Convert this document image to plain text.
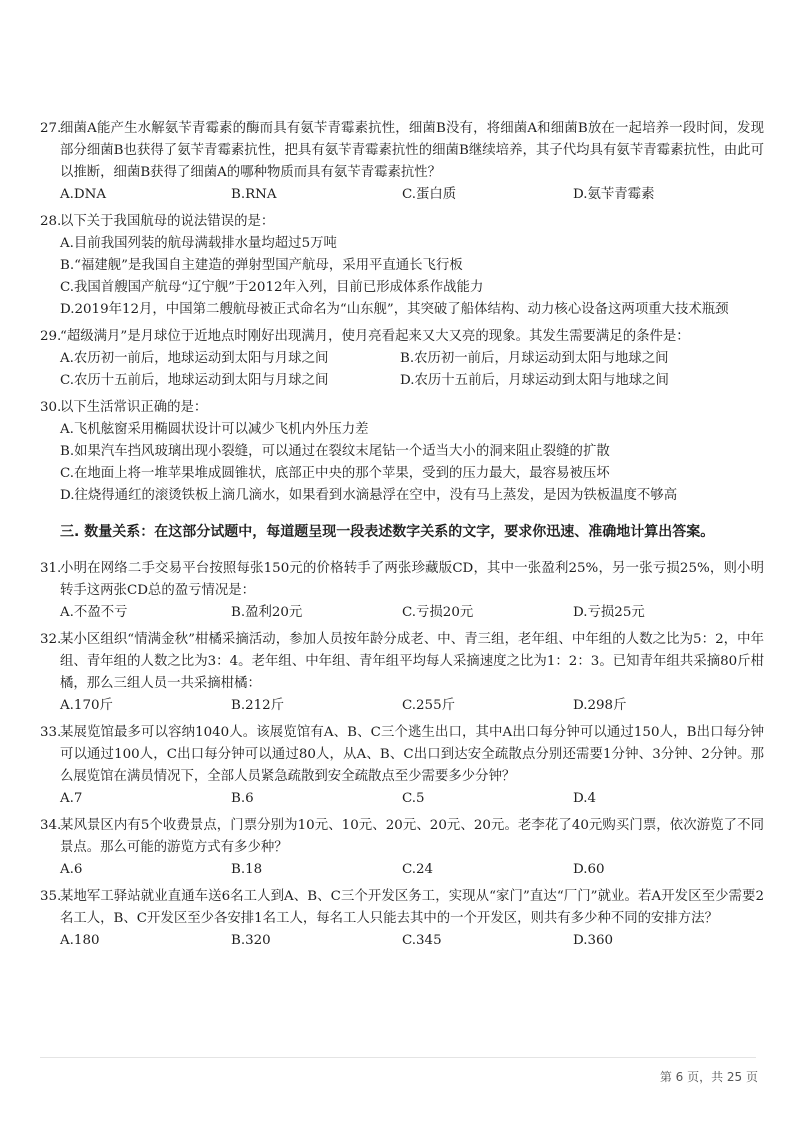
27.
细菌A能产生水解氨苄青霉素的酶而具有氨苄青霉素抗性，细菌B没有，将细菌A和细菌B放在一起培养一段时间，发现部分细菌B也获得了氨苄青霉素抗性，把具有氨苄青霉素抗性的细菌B继续培养，其子代均具有氨苄青霉素抗性，由此可以推断，细菌B获得了细菌A的哪种物质而具有氨苄青霉素抗性？
A.DNA	B.RNA	C.蛋白质	D.氨苄青霉素
28.
以下关于我国航母的说法错误的是：
A.目前我国列装的航母满载排水量均超过5万吨
B.“福建舰”是我国自主建造的弹射型国产航母，采用平直通长飞行板
C.我国首艘国产航母“辽宁舰”于2012年入列，目前已形成体系作战能力
D.2019年12月，中国第二艘航母被正式命名为“山东舰”，其突破了船体结构、动力核心设备这两项重大技术瓶颈
29.
“超级满月”是月球位于近地点时刚好出现满月，使月亮看起来又大又亮的现象。其发生需要满足的条件是：
A.农历初一前后，地球运动到太阳与月球之间	B.农历初一前后，月球运动到太阳与地球之间
C.农历十五前后，地球运动到太阳与月球之间	D.农历十五前后，月球运动到太阳与地球之间
30.
以下生活常识正确的是：
A.飞机舷窗采用椭圆状设计可以减少飞机内外压力差
B.如果汽车挡风玻璃出现小裂缝，可以通过在裂纹末尾钻一个适当大小的洞来阻止裂缝的扩散
C.在地面上将一堆苹果堆成圆锥状，底部正中央的那个苹果，受到的压力最大，最容易被压坏
D.往烧得通红的滚烫铁板上滴几滴水，如果看到水滴悬浮在空中，没有马上蒸发，是因为铁板温度不够高
三. 数量关系：在这部分试题中，每道题呈现一段表述数字关系的文字，要求你迅速、准确地计算出答案。
31.
小明在网络二手交易平台按照每张150元的价格转手了两张珍藏版CD，其中一张盈利25%，另一张亏损25%，则小明转手这两张CD总的盈亏情况是：
A.不盈不亏	B.盈利20元	C.亏损20元	D.亏损25元
32.
某小区组织“情满金秋”柑橘采摘活动，参加人员按年龄分成老、中、青三组，老年组、中年组的人数之比为5：2，中年组、青年组的人数之比为3：4。老年组、中年组、青年组平均每人采摘速度之比为1：2：3。已知青年组共采摘80斤柑橘，那么三组人员一共采摘柑橘：
A.170斤	B.212斤	C.255斤	D.298斤
33.
某展览馆最多可以容纳1040人。该展览馆有A、B、C三个逃生出口，其中A出口每分钟可以通过150人，B出口每分钟可以通过100人，C出口每分钟可以通过80人，从A、B、C出口到达安全疏散点分别还需要1分钟、3分钟、2分钟。那么展览馆在满员情况下，全部人员紧急疏散到安全疏散点至少需要多少分钟？
A.7	B.6	C.5	D.4
34.
某风景区内有5个收费景点，门票分别为10元、10元、20元、20元、20元。老李花了40元购买门票，依次游览了不同景点。那么可能的游览方式有多少种？
A.6	B.18	C.24	D.60
35.
某地军工驿站就业直通车送6名工人到A、B、C三个开发区务工，实现从“家门”直达“厂门”就业。若A开发区至少需要2名工人，B、C开发区至少各安排1名工人，每名工人只能去其中的一个开发区，则共有多少种不同的安排方法？
A.180	B.320	C.345	D.360
第 6 页，共 25 页
